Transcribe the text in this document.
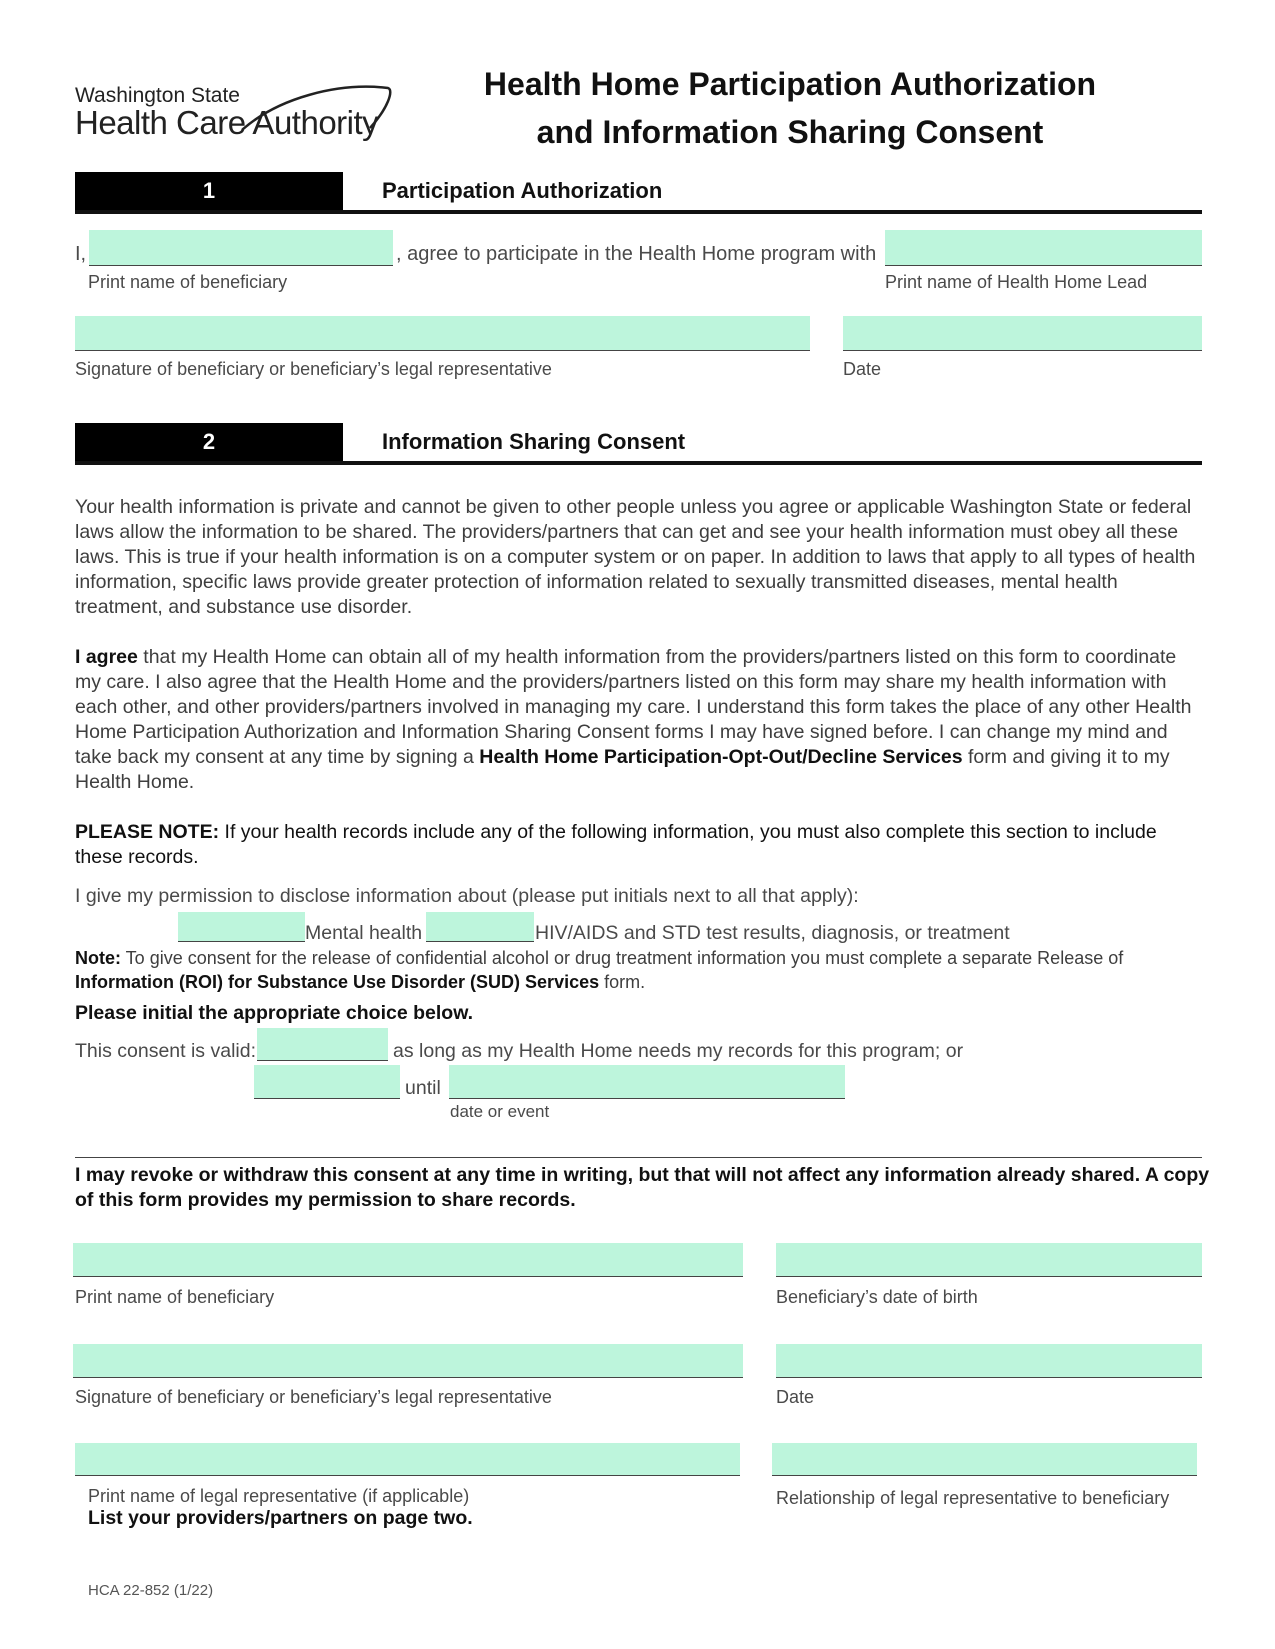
Washington State
Health Care Authority
Health Home Participation Authorization
and Information Sharing Consent
1	Participation Authorization
I,	, agree to participate in the Health Home program with
Print name of beneficiary	Print name of Health Home Lead
Signature of beneficiary or beneficiary’s legal representative	Date
2	Information Sharing Consent
Your health information is private and cannot be given to other people unless you agree or applicable Washington State or federal laws allow the information to be shared. The providers/partners that can get and see your health information must obey all these laws. This is true if your health information is on a computer system or on paper. In addition to laws that apply to all types of health information, specific laws provide greater protection of information related to sexually transmitted diseases, mental health treatment, and substance use disorder.
I agree that my Health Home can obtain all of my health information from the providers/partners listed on this form to coordinate my care. I also agree that the Health Home and the providers/partners listed on this form may share my health information with each other, and other providers/partners involved in managing my care. I understand this form takes the place of any other Health Home Participation Authorization and Information Sharing Consent forms I may have signed before. I can change my mind and take back my consent at any time by signing a Health Home Participation-Opt-Out/Decline Services form and giving it to my Health Home.
PLEASE NOTE: If your health records include any of the following information, you must also complete this section to include these records.
I give my permission to disclose information about (please put initials next to all that apply):
Mental health	HIV/AIDS and STD test results, diagnosis, or treatment
Note: To give consent for the release of confidential alcohol or drug treatment information you must complete a separate Release of Information (ROI) for Substance Use Disorder (SUD) Services form.
Please initial the appropriate choice below.
This consent is valid:	as long as my Health Home needs my records for this program; or
until
date or event
I may revoke or withdraw this consent at any time in writing, but that will not affect any information already shared. A copy of this form provides my permission to share records.
Print name of beneficiary	Beneficiary’s date of birth
Signature of beneficiary or beneficiary’s legal representative	Date
Print name of legal representative (if applicable)	Relationship of legal representative to beneficiary
List your providers/partners on page two.
HCA 22-852 (1/22)
